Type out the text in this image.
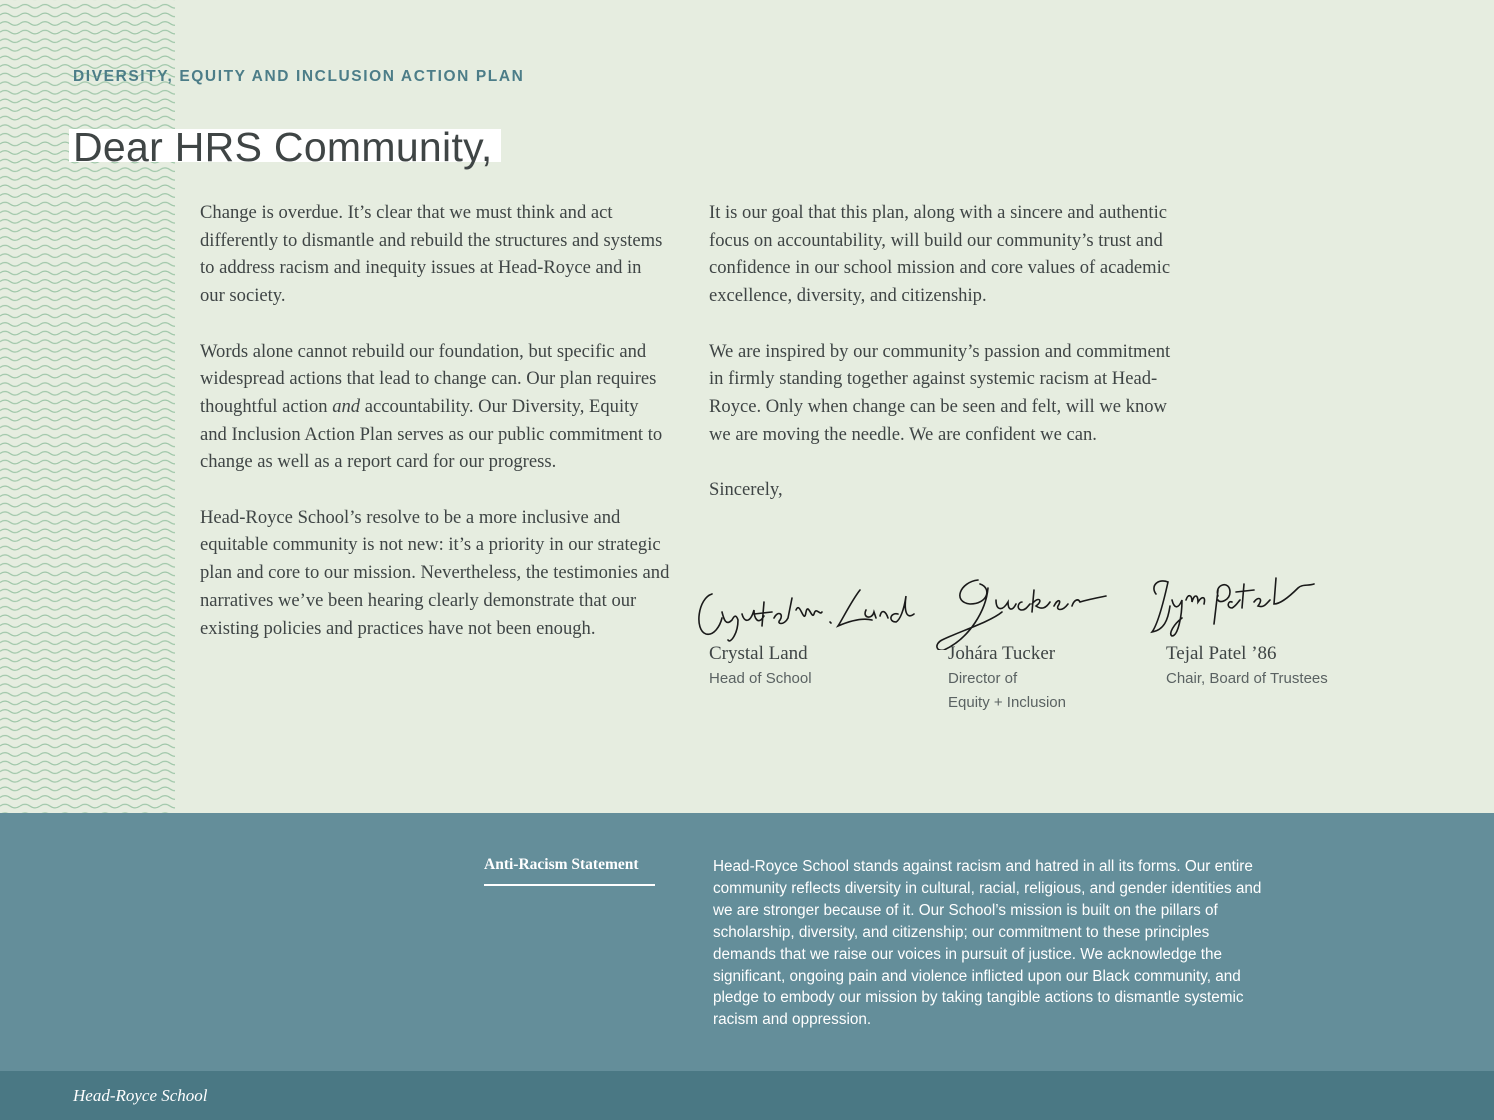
DIVERSITY, EQUITY AND INCLUSION ACTION PLAN
Dear HRS Community,

Change is overdue. It’s clear that we must think and act differently to dismantle and rebuild the structures and systems to address racism and inequity issues at Head-Royce and in our society.

Words alone cannot rebuild our foundation, but specific and widespread actions that lead to change can. Our plan requires thoughtful action and accountability. Our Diversity, Equity and Inclusion Action Plan serves as our public commitment to change as well as a report card for our progress.

Head-Royce School’s resolve to be a more inclusive and equitable community is not new: it’s a priority in our strategic plan and core to our mission. Nevertheless, the testimonies and narratives we’ve been hearing clearly demonstrate that our existing policies and practices have not been enough.

It is our goal that this plan, along with a sincere and authentic focus on accountability, will build our community’s trust and confidence in our school mission and core values of academic excellence, diversity, and citizenship.

We are inspired by our community’s passion and commitment in firmly standing together against systemic racism at Head-Royce. Only when change can be seen and felt, will we know we are moving the needle. We are confident we can.

Sincerely,

Crystal Land
Head of School
Johára Tucker
Director of
Equity + Inclusion
Tejal Patel ’86
Chair, Board of Trustees
Anti-Racism Statement	Head-Royce School stands against racism and hatred in all its forms. Our entire community reflects diversity in cultural, racial, religious, and gender identities and we are stronger because of it. Our School’s mission is built on the pillars of scholarship, diversity, and citizenship; our commitment to these principles demands that we raise our voices in pursuit of justice. We acknowledge the significant, ongoing pain and violence inflicted upon our Black community, and pledge to embody our mission by taking tangible actions to dismantle systemic racism and oppression.
Head-Royce School
